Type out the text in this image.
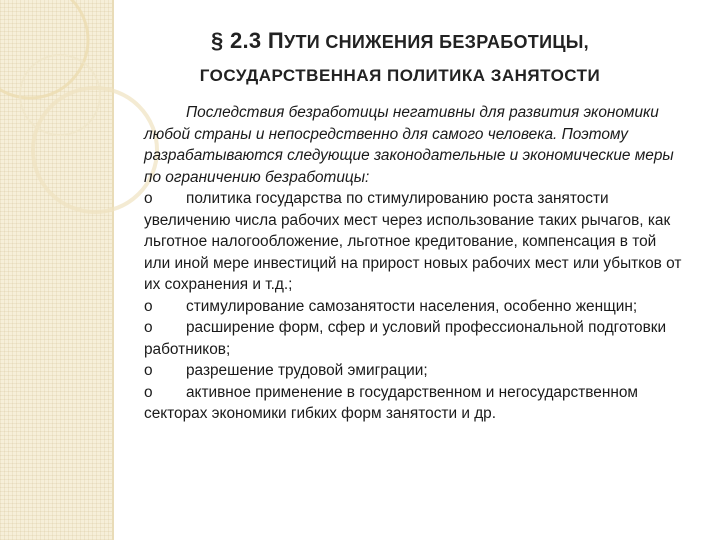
§ 2.3 ПУТИ СНИЖЕНИЯ БЕЗРАБОТИЦЫ,
ГОСУДАРСТВЕННАЯ ПОЛИТИКА ЗАНЯТОСТИ
Последствия безработицы негативны для развития экономики любой страны и непосредственно для самого человека. Поэтому разрабатываются следующие законодательные и экономические меры по ограничению безработицы:
o политика государства по стимулированию роста занятости увеличению числа рабочих мест через использование таких рычагов, как льготное налогообложение, льготное кредитование, компенсация в той или иной мере инвестиций на прирост новых рабочих мест или убытков от их сохранения и т.д.;
o стимулирование самозанятости населения, особенно женщин;
o расширение форм, сфер и условий профессиональной подготовки работников;
o разрешение трудовой эмиграции;
o активное применение в государственном и негосударственном секторах экономики гибких форм занятости и др.
